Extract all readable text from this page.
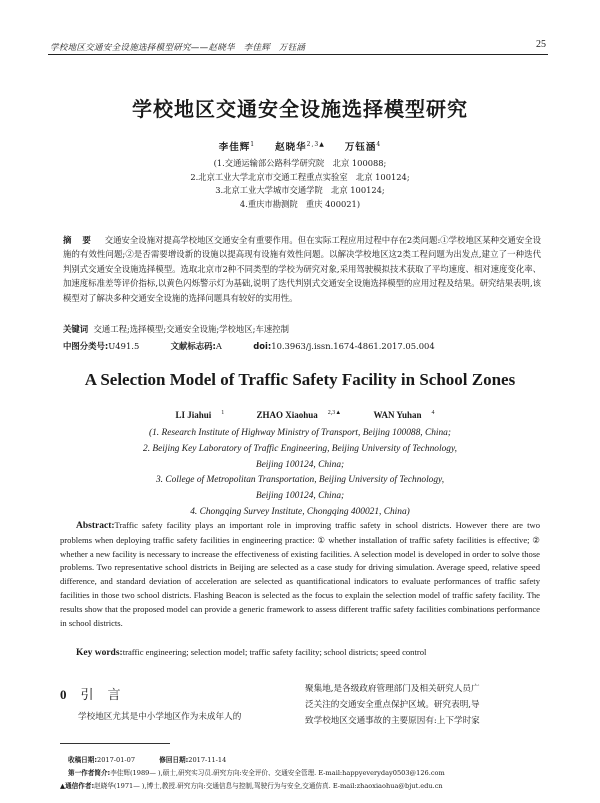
学校地区交通安全设施选择模型研究——赵晓华　李佳辉　万钰涵	25
学校地区交通安全设施选择模型研究
李佳辉$^1$ 赵晓华$^{2,3▲}$ 万钰涵$^4$
(1.交通运输部公路科学研究院　北京 100088;
2.北京工业大学北京市交通工程重点实验室　北京 100124;
3.北京工业大学城市交通学院　北京 100124;
4.重庆市勘测院　重庆 400021)
摘 要 交通安全设施对提高学校地区交通安全有重要作用。但在实际工程应用过程中存在2类问题:①学校地区某种交通安全设施的有效性问题;②是否需要增设新的设施以提高现有设施有效性问题。以解决学校地区这2类工程问题为出发点,建立了一种迭代判别式交通安全设施选择模型。选取北京市2种不同类型的学校为研究对象,采用驾驶模拟技术获取了平均速度、相对速度变化率、加速度标准差等评价指标,以黄色闪烁警示灯为基础,说明了迭代判别式交通安全设施选择模型的应用过程及结果。研究结果表明,该模型对了解决多种交通安全设施的选择问题具有较好的实用性。
关键词 交通工程;选择模型;交通安全设施;学校地区;车速控制
中图分类号:U491.5	文献标志码:A	doi:10.3963/j.issn.1674-4861.2017.05.004
A Selection Model of Traffic Safety Facility in School Zones
LI Jiahui $^1$	ZHAO Xiaohua $^{2,3▲}$	WAN Yuhan $^4$
(1. Research Institute of Highway Ministry of Transport, Beijing 100088, China;
2. Beijing Key Laboratory of Traffic Engineering, Beijing University of Technology,
Beijing 100124, China;
3. College of Metropolitan Transportation, Beijing University of Technology,
Beijing 100124, China;
4. Chongqing Survey Institute, Chongqing 400021, China)
Abstract:Traffic safety facility plays an important role in improving traffic safety in school districts. However there are two problems when deploying traffic safety facilities in engineering practice: ① whether installation of traffic safety facilities is effective; ② whether a new facility is necessary to increase the effectiveness of existing facilities. A selection model is developed in order to solve those problems. Two representative school districts in Beijing are selected as a case study for driving simulation. Average speed, relative speed difference, and standard deviation of acceleration are selected as quantificational indicators to evaluate performances of traffic safety facilities in those two school districts. Flashing Beacon is selected as the focus to explain the selection model of traffic safety facility. The results show that the proposed model can provide a generic framework to assess different traffic safety facilities combinations performance in school districts.
Key words:traffic engineering; selection model; traffic safety facility; school districts; speed control
0 引言
学校地区尤其是中小学地区作为未成年人的
聚集地,是各级政府管理部门及相关研究人员广
泛关注的交通安全重点保护区域。研究表明,导
致学校地区交通事故的主要原因有:上下学时家
收稿日期:2017-01-07	修回日期:2017-11-14
第一作者简介:李佳辉(1989— ),硕士,研究实习员.研究方向:安全评价、交通安全管理. E-mail:happyeveryday0503@126.com
▲通信作者:赵晓华(1971— ),博士,教授.研究方向:交通信息与控制,驾驶行为与安全,交通仿真. E-mail:zhaoxiaohua@bjut.edu.cn
